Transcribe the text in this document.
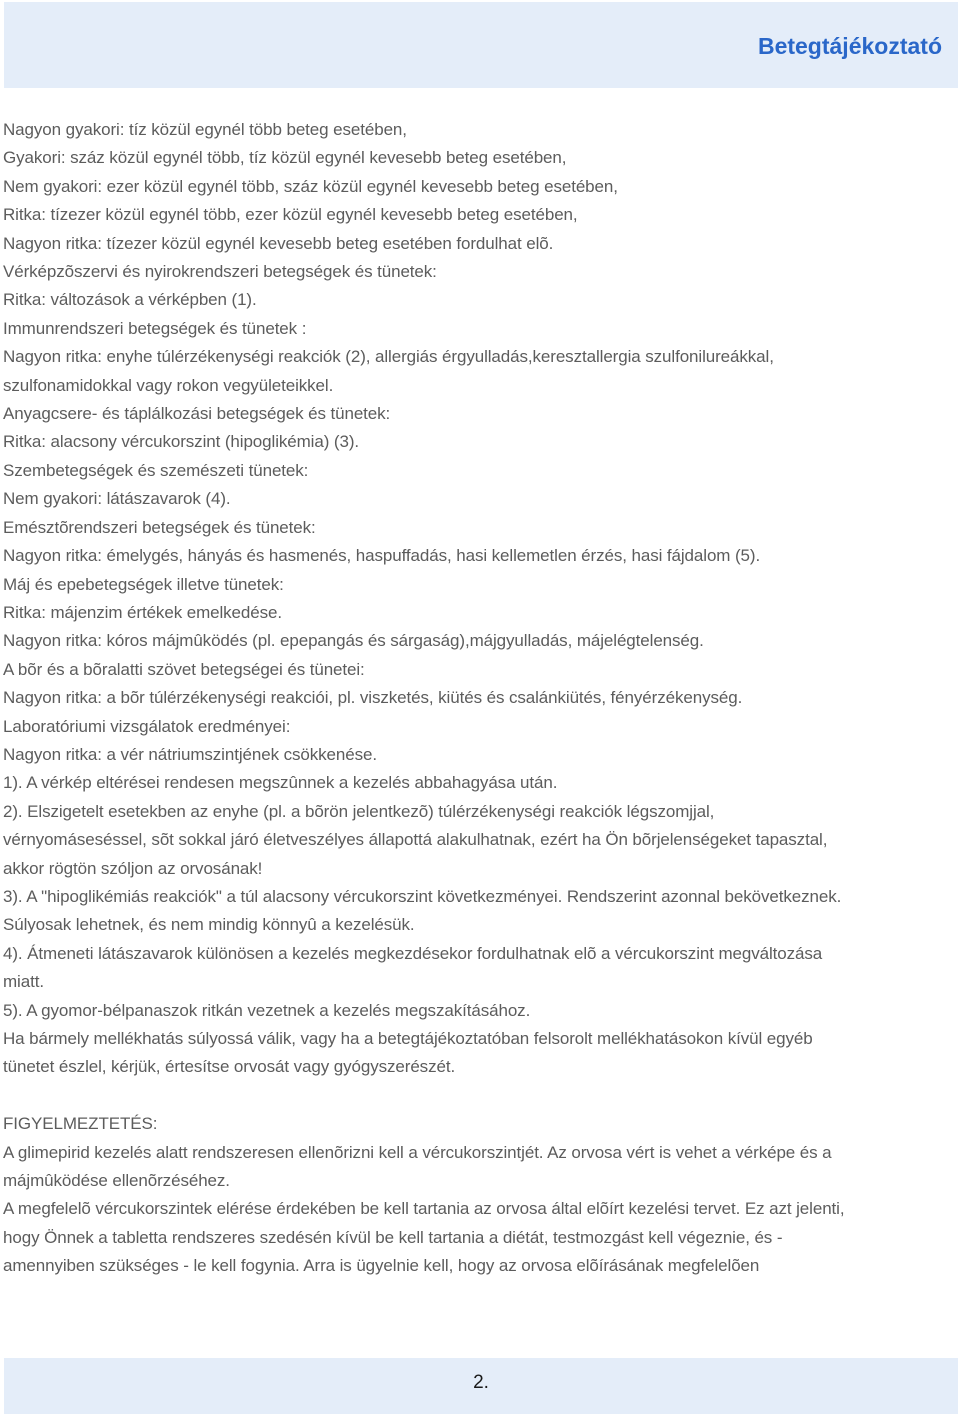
Betegtájékoztató
Nagyon gyakori: tíz közül egynél több beteg esetében,
Gyakori: száz közül egynél több, tíz közül egynél kevesebb beteg esetében,
Nem gyakori: ezer közül egynél több, száz közül egynél kevesebb beteg esetében,
Ritka: tízezer közül egynél több, ezer közül egynél kevesebb beteg esetében,
Nagyon ritka: tízezer közül egynél kevesebb beteg esetében fordulhat elõ.
Vérképzõszervi és nyirokrendszeri betegségek és tünetek:
Ritka: változások a vérképben (1).
Immunrendszeri betegségek és tünetek :
Nagyon ritka: enyhe túlérzékenységi reakciók (2), allergiás érgyulladás,keresztallergia szulfonilureákkal,
szulfonamidokkal vagy rokon vegyületeikkel.
Anyagcsere- és táplálkozási betegségek és tünetek:
Ritka: alacsony vércukorszint (hipoglikémia) (3).
Szembetegségek és szemészeti tünetek:
Nem gyakori: látászavarok (4).
Emésztõrendszeri betegségek és tünetek:
Nagyon ritka: émelygés, hányás és hasmenés, haspuffadás, hasi kellemetlen érzés, hasi fájdalom (5).
Máj és epebetegségek illetve tünetek:
Ritka: májenzim értékek emelkedése.
Nagyon ritka: kóros májmûködés (pl. epepangás és sárgaság),májgyulladás, májelégtelenség.
A bõr és a bõralatti szövet betegségei és tünetei:
Nagyon ritka: a bõr túlérzékenységi reakciói, pl. viszketés, kiütés és csalánkiütés, fényérzékenység.
Laboratóriumi vizsgálatok eredményei:
Nagyon ritka: a vér nátriumszintjének csökkenése.
1). A vérkép eltérései rendesen megszûnnek a kezelés abbahagyása után.
2). Elszigetelt esetekben az enyhe (pl. a bõrön jelentkezõ) túlérzékenységi reakciók légszomjjal,
vérnyomáseséssel, sõt sokkal járó életveszélyes állapottá alakulhatnak, ezért ha Ön bõrjelenségeket tapasztal,
akkor rögtön szóljon az orvosának!
3). A "hipoglikémiás reakciók" a túl alacsony vércukorszint következményei. Rendszerint azonnal bekövetkeznek.
Súlyosak lehetnek, és nem mindig könnyû a kezelésük.
4). Átmeneti látászavarok különösen a kezelés megkezdésekor fordulhatnak elõ a vércukorszint megváltozása
miatt.
5). A gyomor-bélpanaszok ritkán vezetnek a kezelés megszakításához.
Ha bármely mellékhatás súlyossá válik, vagy ha a betegtájékoztatóban felsorolt mellékhatásokon kívül egyéb
tünetet észlel, kérjük, értesítse orvosát vagy gyógyszerészét.
FIGYELMEZTETÉS:
A glimepirid kezelés alatt rendszeresen ellenõrizni kell a vércukorszintjét. Az orvosa vért is vehet a vérképe és a
májmûködése ellenõrzéséhez.
A megfelelõ vércukorszintek elérése érdekében be kell tartania az orvosa által elõírt kezelési tervet. Ez azt jelenti,
hogy Önnek a tabletta rendszeres szedésén kívül be kell tartania a diétát, testmozgást kell végeznie, és -
amennyiben szükséges - le kell fogynia. Arra is ügyelnie kell, hogy az orvosa elõírásának megfelelõen
2.
